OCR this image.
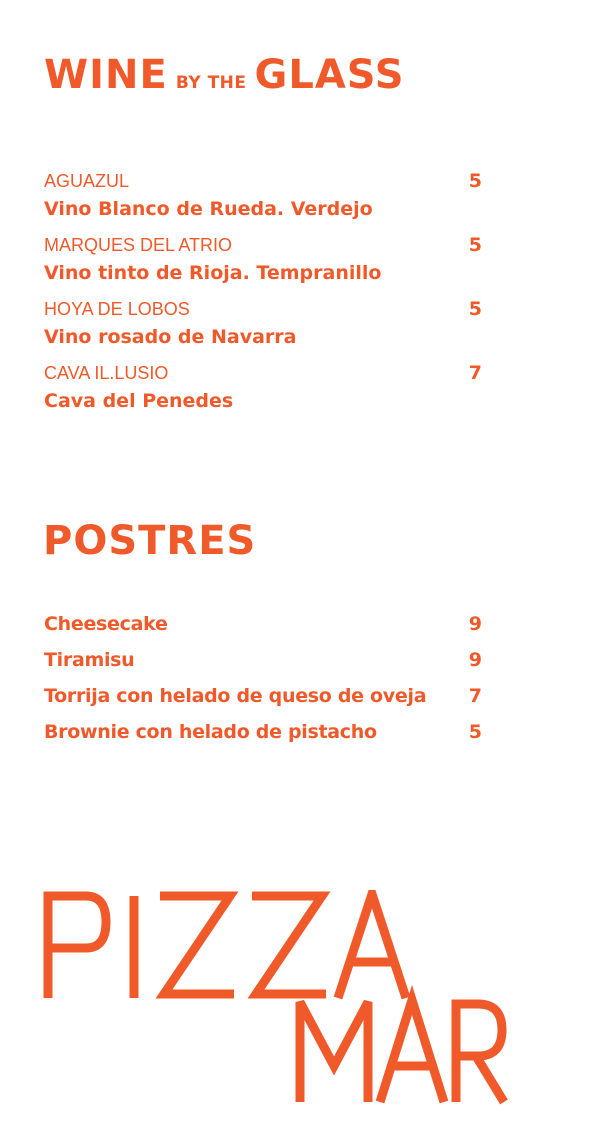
WINE BY THE GLASS
AGUAZUL	5
Vino Blanco de Rueda. Verdejo
MARQUES DEL ATRIO	5
Vino tinto de Rioja. Tempranillo
HOYA DE LOBOS	5
Vino rosado de Navarra
CAVA IL.LUSIO	7
Cava del Penedes
POSTRES
Cheesecake	9
Tiramisu	9
Torrija con helado de queso de oveja 7
Brownie con helado de pistacho	5
